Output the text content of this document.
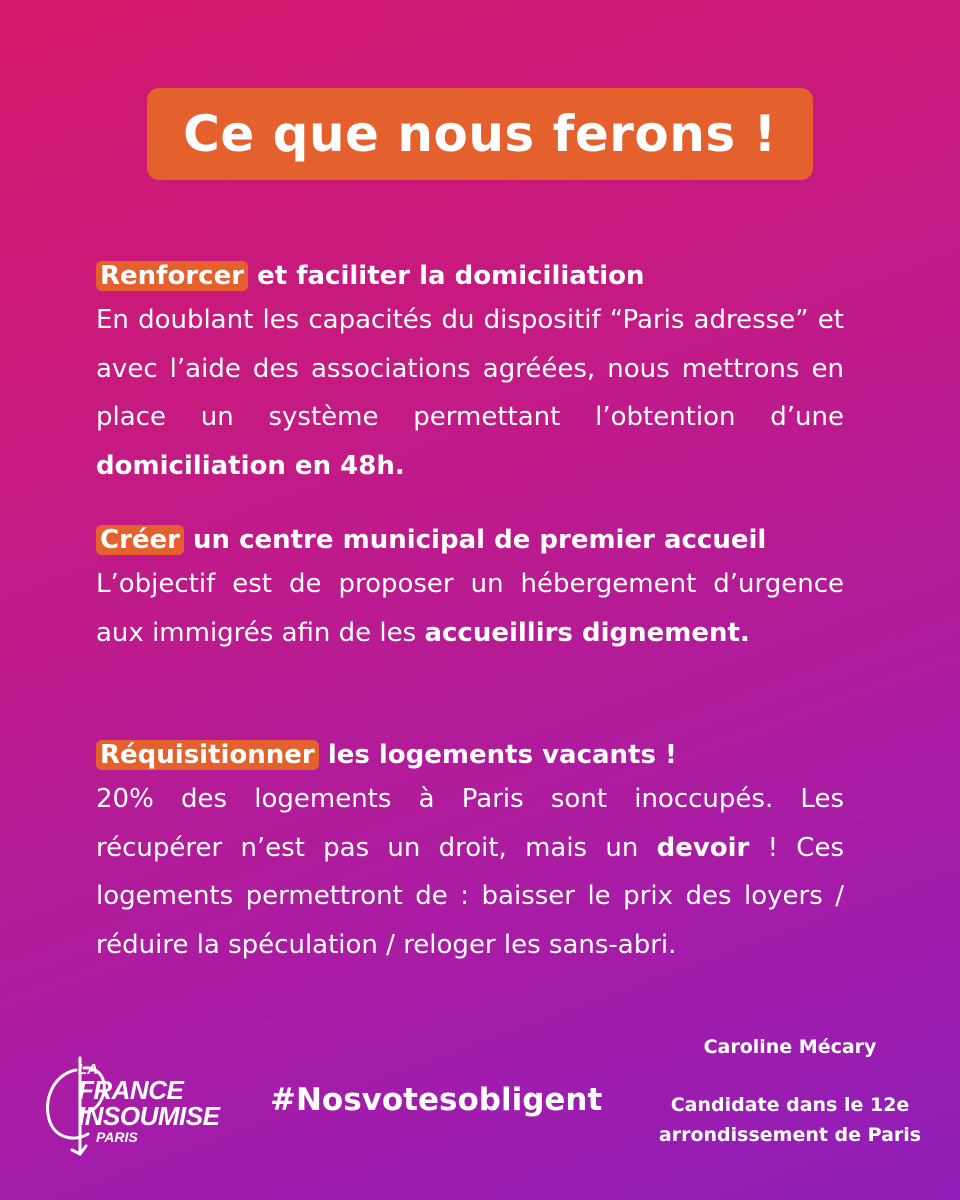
Ce que nous ferons !

Renforcer et faciliter la domiciliation

En doublant les capacités du dispositif “Paris adresse” et avec l’aide des associations agréées, nous mettrons en place un système permettant l’obtention d’une domiciliation en 48h.

Créer un centre municipal de premier accueil

L’objectif est de proposer un hébergement d’urgence aux immigrés afin de les accueillirs dignement.

Réquisitionner les logements vacants !

20% des logements à Paris sont inoccupés. Les récupérer n’est pas un droit, mais un devoir ! Ces logements permettront de : baisser le prix des loyers / réduire la spéculation / reloger les sans-abri.

LA
FRANCE
INSOUMISE
PARIS
#Nosvotesobligent
Caroline Mécary
Candidate dans le 12e arrondissement de Paris
